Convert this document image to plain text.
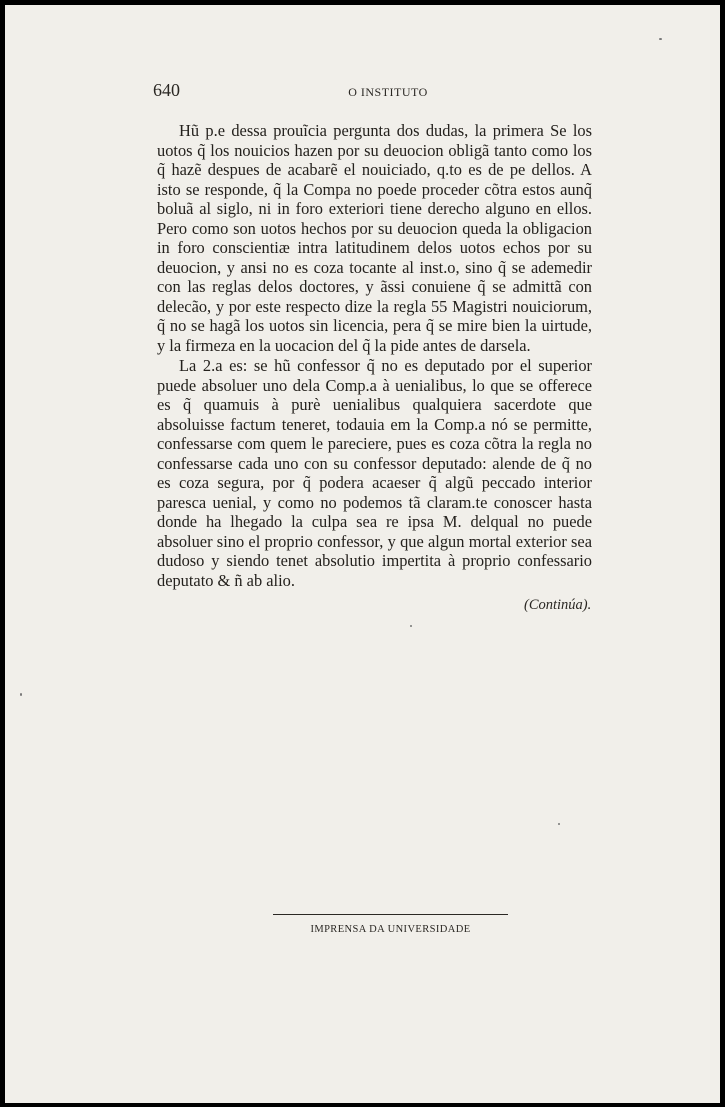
640	O INSTITUTO

Hũ p.e dessa prouĩcia pergunta dos dudas, la primera Se los uotos q̃ los nouicios hazen por su deuocion obligã tanto como los q̃ hazẽ despues de acabarẽ el nouiciado, q.to es de pe dellos. A isto se responde, q̃ la Compa no poede proceder cõtra estos aunq̃ boluã al siglo, ni in foro exteriori tiene derecho alguno en ellos. Pero como son uotos hechos por su deuocion queda la obligacion in foro conscientiæ intra latitudinem delos uotos echos por su deuocion, y ansi no es coza tocante al inst.o, sino q̃ se ademedir con las reglas delos doctores, y ãssi conuiene q̃ se admittã con delecão, y por este respecto dize la regla 55 Magistri nouiciorum, q̃ no se hagã los uotos sin licencia, pera q̃ se mire bien la uirtude, y la firmeza en la uocacion del q̃ la pide antes de darsela.

La 2.a es: se hũ confessor q̃ no es deputado por el superior puede absoluer uno dela Comp.a à uenialibus, lo que se offerece es q̃ quamuis à purè uenialibus qualquiera sacerdote que absoluisse factum teneret, todauia em la Comp.a nó se permitte, confessarse com quem le pareciere, pues es coza cõtra la regla no confessarse cada uno con su confessor deputado: alende de q̃ no es coza segura, por q̃ podera acaeser q̃ algũ peccado interior paresca uenial, y como no podemos tã claram.te conoscer hasta donde ha lhegado la culpa sea re ipsa M. delqual no puede absoluer sino el proprio confessor, y que algun mortal exterior sea dudoso y siendo tenet absolutio impertita à proprio confessario deputato & ñ ab alio.

(Continúa).
IMPRENSA DA UNIVERSIDADE
